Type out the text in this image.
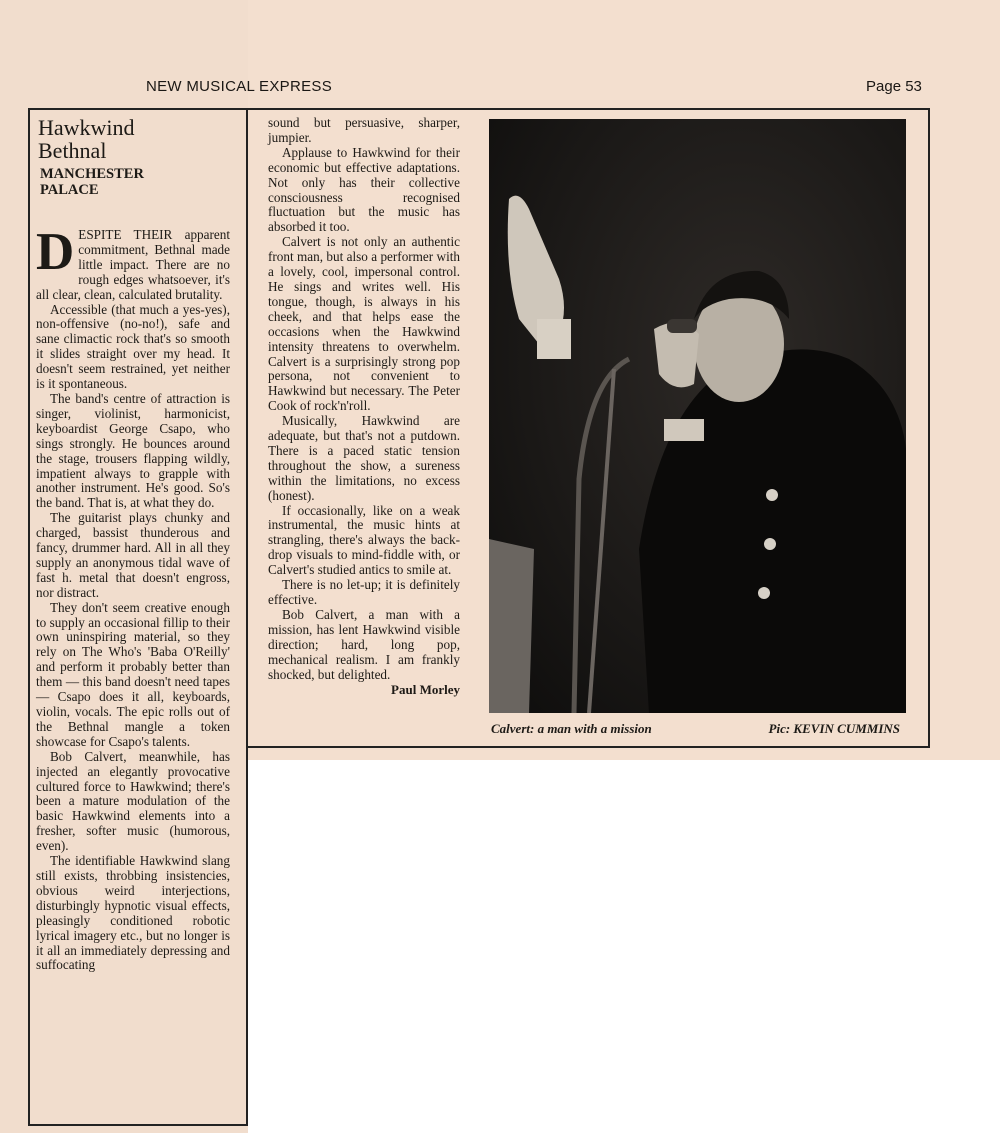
NEW MUSICAL EXPRESS	Page 53
Hawkwind
Bethnal
MANCHESTER
PALACE

DESPITE THEIR apparent commitment, Bethnal made little impact. There are no rough edges whatsoever, it's all clear, clean, calculated brutality.

Accessible (that much a yes-yes), non-offensive (no-no!), safe and sane climactic rock that's so smooth it slides straight over my head. It doesn't seem restrained, yet neither is it spontaneous.

The band's centre of attraction is singer, violinist, harmonicist, keyboardist George Csapo, who sings strongly. He bounces around the stage, trousers flapping wildly, impatient always to grapple with another instrument. He's good. So's the band. That is, at what they do.

The guitarist plays chunky and charged, bassist thunderous and fancy, drummer hard. All in all they supply an anonymous tidal wave of fast h. metal that doesn't engross, nor distract.

They don't seem creative enough to supply an occasional fillip to their own uninspiring material, so they rely on The Who's 'Baba O'Reilly' and perform it probably better than them — this band doesn't need tapes — Csapo does it all, keyboards, violin, vocals. The epic rolls out of the Bethnal mangle a token showcase for Csapo's talents.

Bob Calvert, meanwhile, has injected an elegantly provocative cultured force to Hawkwind; there's been a mature modulation of the basic Hawkwind elements into a fresher, softer music (humorous, even).

The identifiable Hawkwind slang still exists, throbbing insistencies, obvious weird interjections, disturbingly hypnotic visual effects, pleasingly conditioned robotic lyrical imagery etc., but no longer is it all an immediately depressing and suffocating

sound but persuasive, sharper, jumpier.

Applause to Hawkwind for their economic but effective adaptations. Not only has their collective consciousness recognised fluctuation but the music has absorbed it too.

Calvert is not only an authentic front man, but also a performer with a lovely, cool, impersonal control. He sings and writes well. His tongue, though, is always in his cheek, and that helps ease the occasions when the Hawkwind intensity threatens to overwhelm. Calvert is a surprisingly strong pop persona, not convenient to Hawkwind but necessary. The Peter Cook of rock'n'roll.

Musically, Hawkwind are adequate, but that's not a putdown. There is a paced static tension throughout the show, a sureness within the limitations, no excess (honest).

If occasionally, like on a weak instrumental, the music hints at strangling, there's always the back-drop visuals to mind-fiddle with, or Calvert's studied antics to smile at.

There is no let-up; it is definitely effective.

Bob Calvert, a man with a mission, has lent Hawkwind visible direction; hard, long pop, mechanical realism. I am frankly shocked, but delighted.

Paul Morley
Calvert: a man with a mission	Pic: KEVIN CUMMINS
